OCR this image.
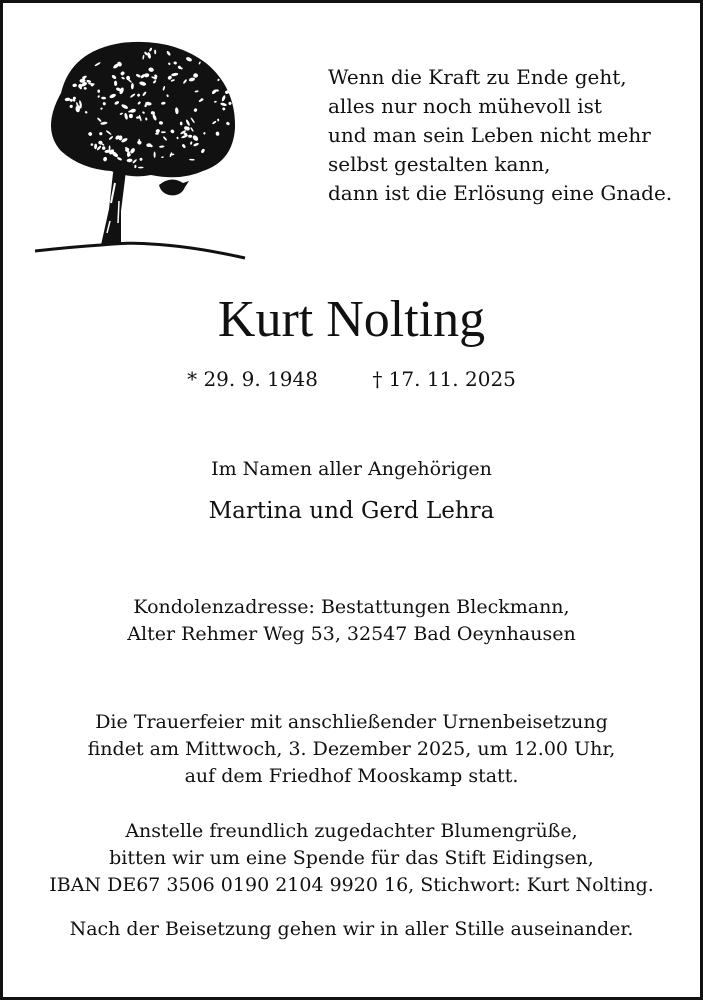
Wenn die Kraft zu Ende geht,
alles nur noch mühevoll ist
und man sein Leben nicht mehr
selbst gestalten kann,
dann ist die Erlösung eine Gnade.
Kurt Nolting
* 29. 9. 1948	† 17. 11. 2025
Im Namen aller Angehörigen
Martina und Gerd Lehra
Kondolenzadresse: Bestattungen Bleckmann,
Alter Rehmer Weg 53, 32547 Bad Oeynhausen
Die Trauerfeier mit anschließender Urnenbeisetzung
findet am Mittwoch, 3. Dezember 2025, um 12.00 Uhr,
auf dem Friedhof Mooskamp statt.
Anstelle freundlich zugedachter Blumengrüße,
bitten wir um eine Spende für das Stift Eidingsen,
IBAN DE67 3506 0190 2104 9920 16, Stichwort: Kurt Nolting.
Nach der Beisetzung gehen wir in aller Stille auseinander.
